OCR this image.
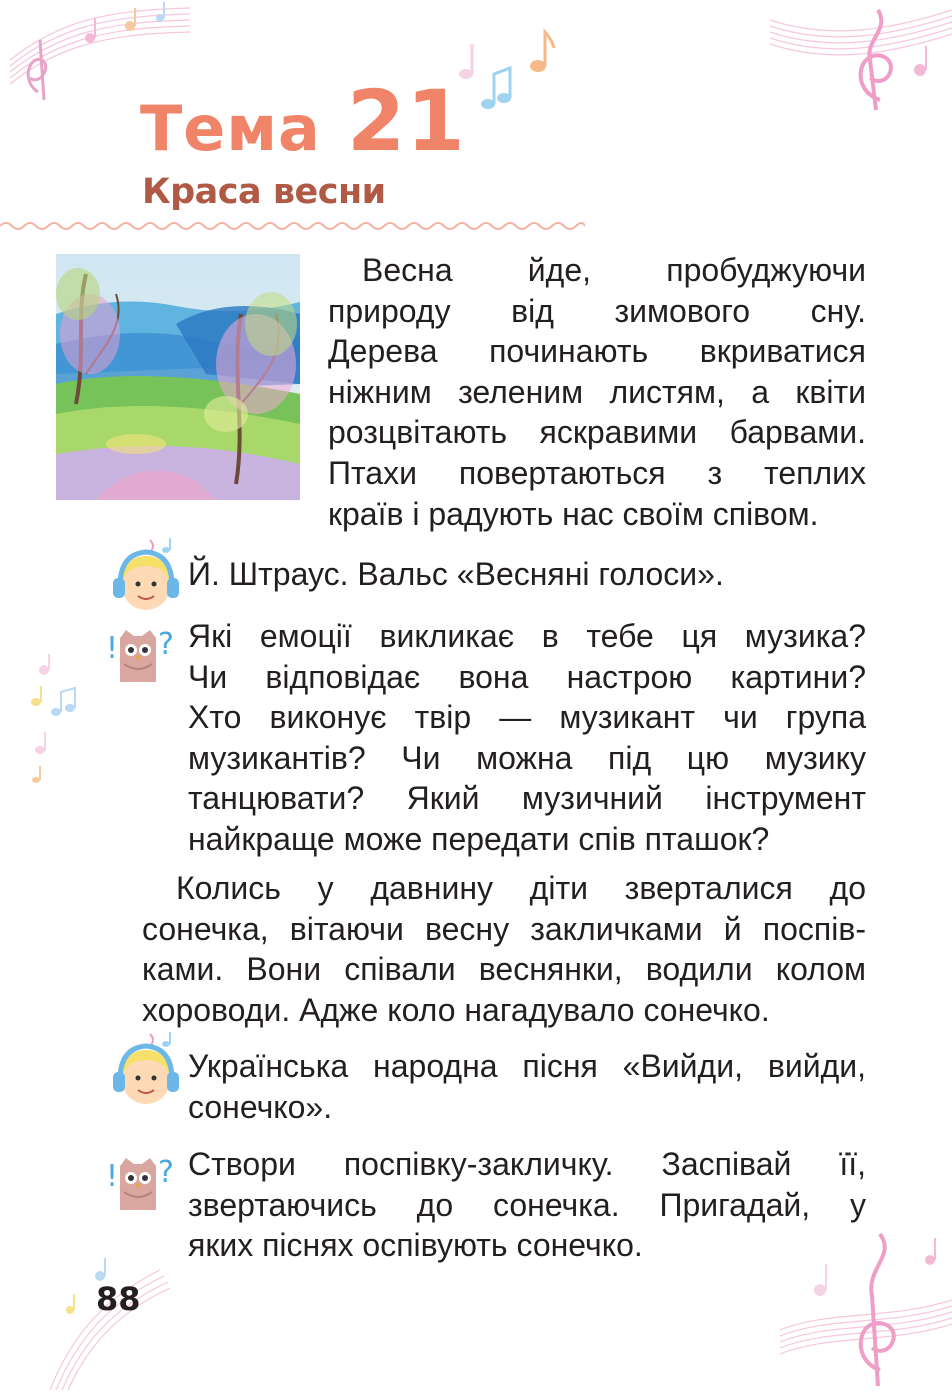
Тема 21
Краса весни
Весна йде, пробуджуючи
природу від зимового сну.
Дерева починають вкриватися
ніжним зеленим листям, а квіти
розцвітають яскравими барвами.
Птахи повертаються з теплих
країв і радують нас своїм співом.
Й. Штраус. Вальс «Весняні голоси».
! ? Які емоції викликає в тебе ця музика?
Чи відповідає вона настрою картини?
Хто виконує твір — музикант чи група
музикантів? Чи можна під цю музику
танцювати? Який музичний інструмент
найкраще може передати спів пташок?
Колись у давнину діти зверталися до
сонечка, вітаючи весну закличками й поспів-
ками. Вони співали веснянки, водили колом
хороводи. Адже коло нагадувало сонечко.
Українська народна пісня «Вийди, вийди,
сонечко».
! ? Створи поспівку-закличку. Заспівай її,
звертаючись до сонечка. Пригадай, у
яких піснях оспівують сонечко.
88
